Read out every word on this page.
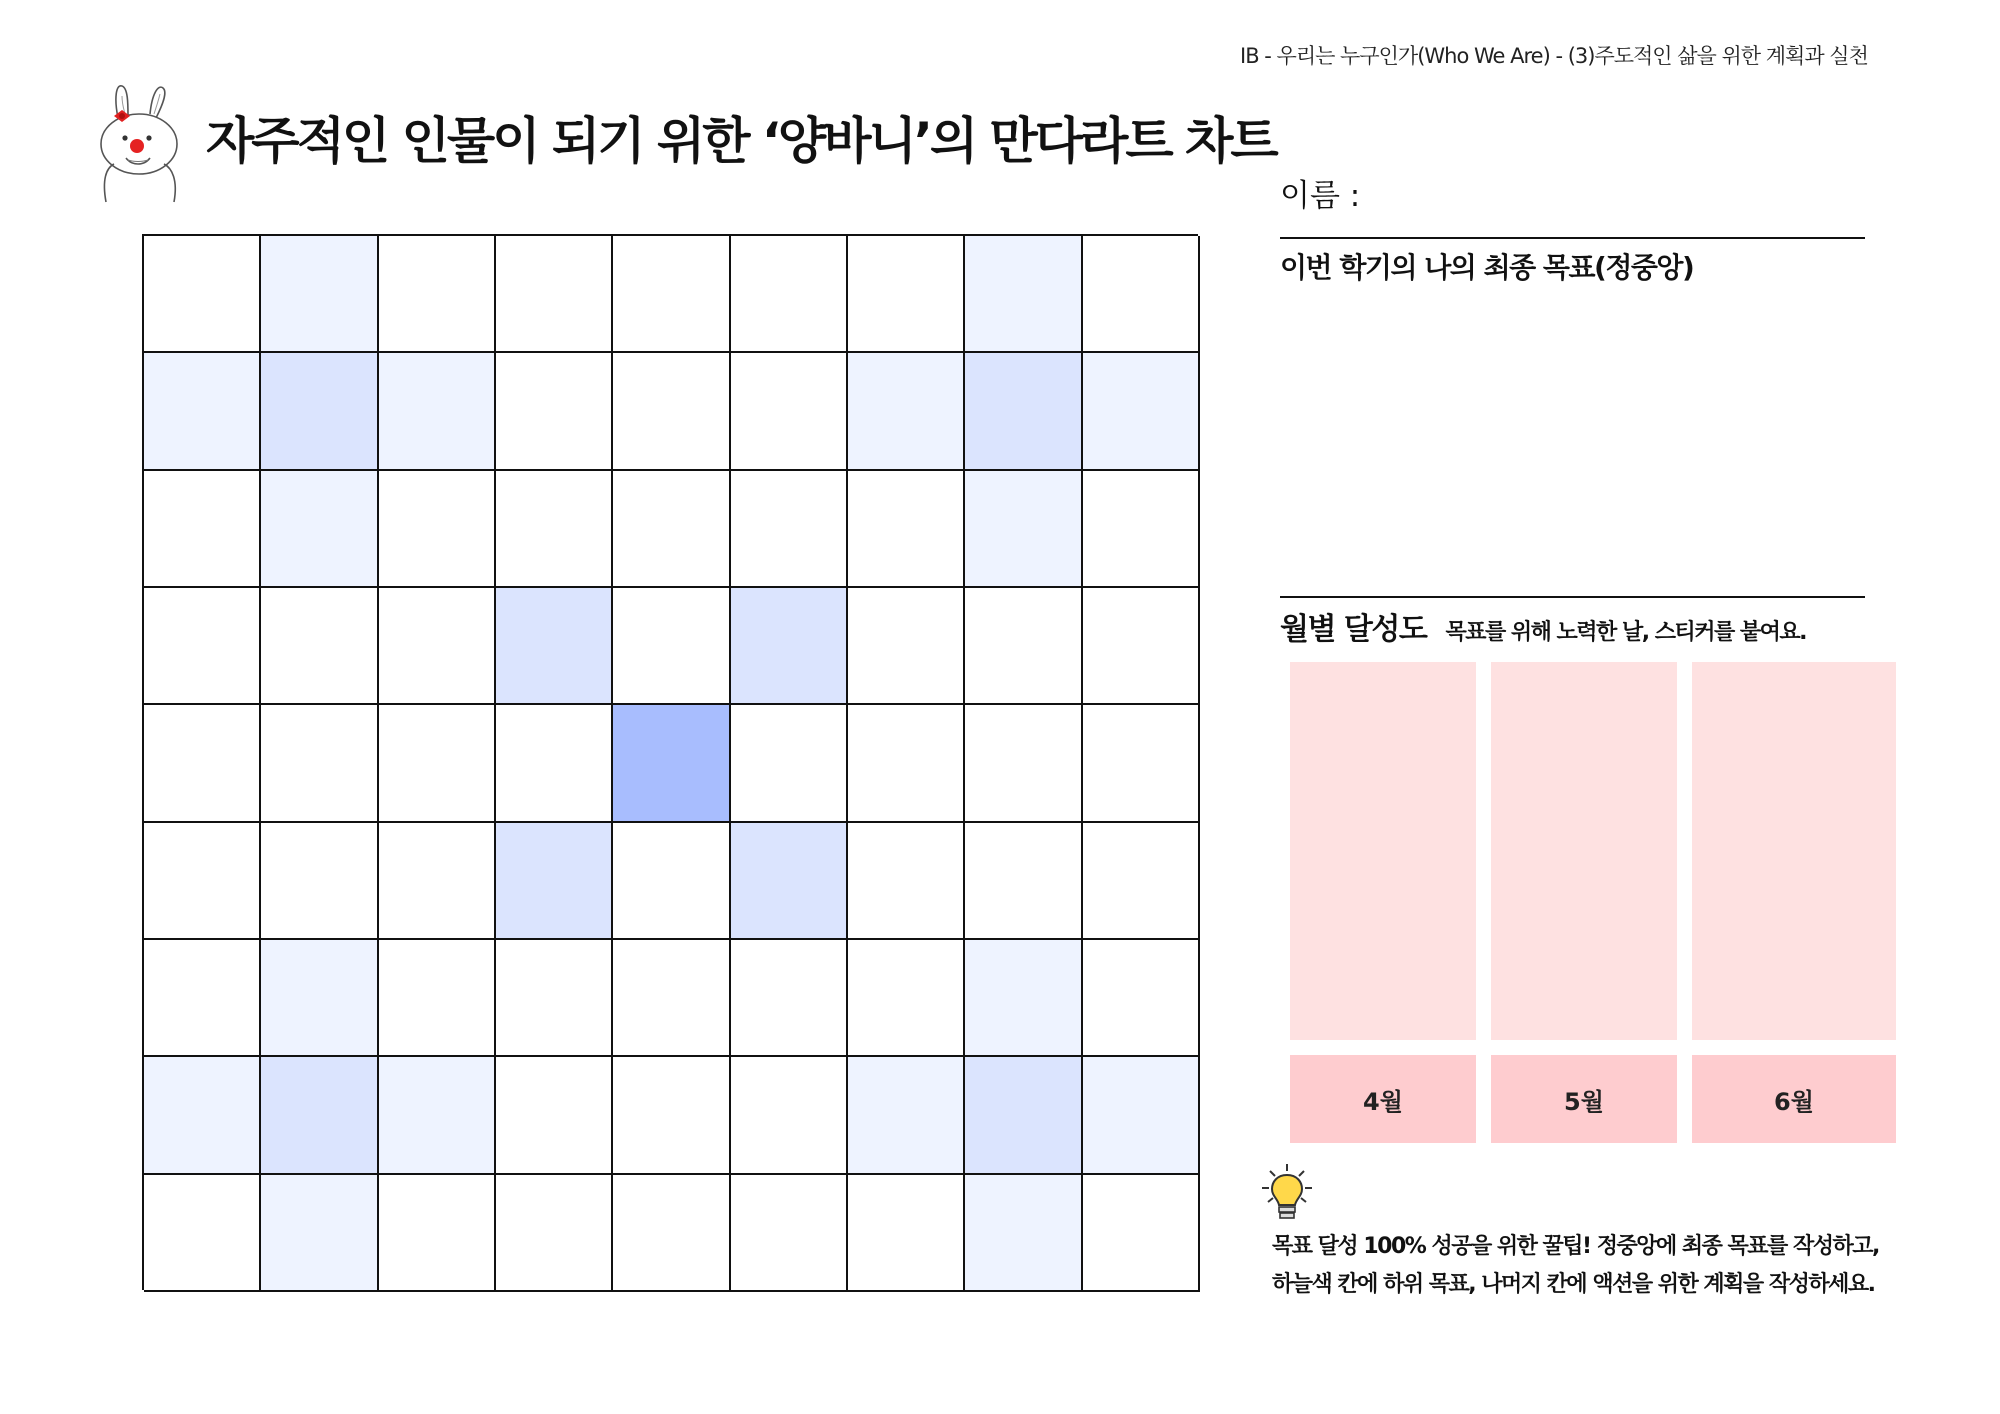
IB - 우리는 누구인가(Who We Are) - (3)주도적인 삶을 위한 계획과 실천
자주적인 인물이 되기 위한 ‘양바니’의 만다라트 차트
이름 :
이번 학기의 나의 최종 목표(정중앙)
월별 달성도 목표를 위해 노력한 날, 스티커를 붙여요.
4월	5월	6월

목표 달성 100% 성공을 위한 꿀팁! 정중앙에 최종 목표를 작성하고,
하늘색 칸에 하위 목표, 나머지 칸에 액션을 위한 계획을 작성하세요.
